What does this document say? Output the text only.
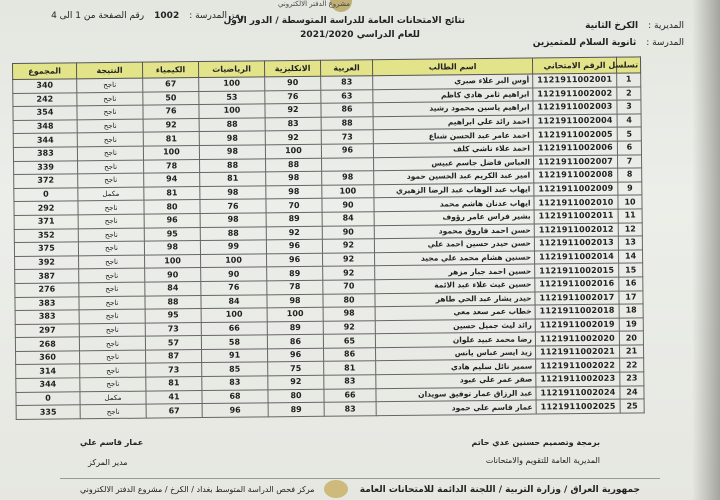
مشروع الدفتر الالكتروني
المديرية :
الكرخ الثانية
المدرسة :
ثانوية السلام للمتميزين
نتائج الامتحانات العامة للدراسة المتوسطة / الدور الأول
للعام الدراسي 2021/2020
رمز المدرسة :
1002
رقم الصفحة من 1 الى 4
تسلسل	الرقم الامتحاني	اسم الطالب	العربية	الانكليزية	الرياضيات	الكيمياء	النتيجة	المجموع
1	1121911002001	أوس البر علاء صبري	83	90	100	67	ناجح	340
2	1121911002002	ابراهيم ثامر هادي كاظم	63	76	53	50	ناجح	242
3	1121911002003	ابراهيم ياسين محمود رشيد	86	92	100	76	ناجح	354
4	1121911002004	احمد رائد علي ابراهيم	88	83	88	92	ناجح	348
5	1121911002005	احمد عامر عبد الحسن شناع	73	92	98	81	ناجح	344
6	1121911002006	احمد علاء ناشي كلف	96	100	98	100	ناجح	383
7	1121911002007	العباس فاضل جاسم عبيس		88	88	78	ناجح	339
8	1121911002008	امير عبد الكريم عبد الحسين حمود	98	98	81	94	ناجح	372
9	1121911002009	ايهاب عبد الوهاب عبد الرضا الزهيري	100	98	98	81	مكمل	0
10	1121911002010	ايهاب عدنان هاشم محمد	90	70	76	80	ناجح	292
11	1121911002011	بشير فراس عامر رؤوف	84	89	98	96	ناجح	371
12	1121911002012	حسن احمد فاروق محمود	90	92	88	95	ناجح	352
13	1121911002013	حسن حيدر حسين احمد علي	92	96	99	98	ناجح	375
14	1121911002014	حسنين هشام محمد علي مجيد	92	96	100	100	ناجح	392
15	1121911002015	حسين احمد جبار مزهر	92	89	90	90	ناجح	387
16	1121911002016	حسين غيث علاء عبد الائمة	70	78	76	84	ناجح	276
17	1121911002017	حيدر يشار عبد الحي طاهر	80	98	84	88	ناجح	383
18	1121911002018	خطاب عمر سعد معي	98	100	100	95	ناجح	383
19	1121911002019	رائد ليث جميل حسين	92	89	66	73	ناجح	297
20	1121911002020	رضا محمد عبيد علوان	65	86	58	57	ناجح	268
21	1121911002021	زيد ايسر عباس يانس	86	96	91	87	ناجح	360
22	1121911002022	سمير نائل سليم هادي	81	75	85	73	ناجح	314
23	1121911002023	صقر عمر علي عبود	83	92	83	81	ناجح	344
24	1121911002024	عبد الرزاق عمار توفيق سويدان	66	80	68	41	مكمل	0
25	1121911002025	عمار قاسم علي حمود	83	89	96	67	ناجح	335
برمجة وتصميم حسنين عدي حاتم
المديرية العامة للتقويم والامتحانات
عمار قاسم علي
مدير المركز
جمهورية العراق / وزارة التربية / اللجنة الدائمة للامتحانات العامة
مركز فحص الدراسة المتوسط بغداد / الكرخ / مشروع الدفتر الالكتروني
